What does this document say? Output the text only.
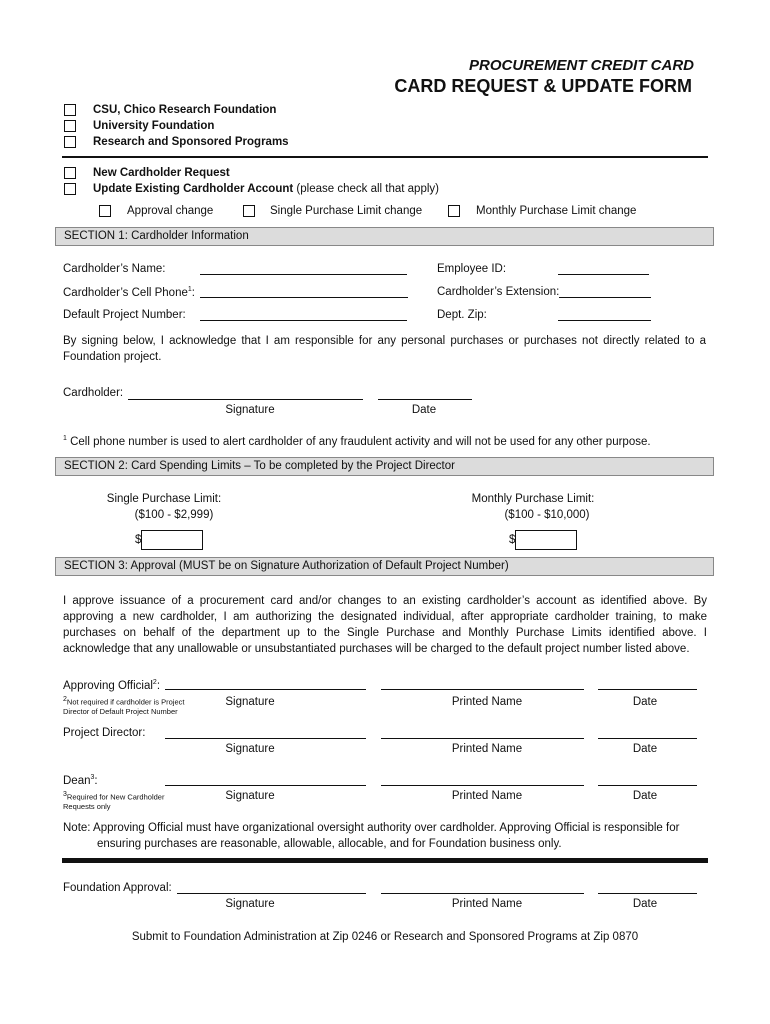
PROCUREMENT CREDIT CARD
CARD REQUEST & UPDATE FORM
CSU, Chico Research Foundation
University Foundation
Research and Sponsored Programs
New Cardholder Request
Update Existing Cardholder Account (please check all that apply)
Approval change	Single Purchase Limit change	Monthly Purchase Limit change
SECTION 1: Cardholder Information
Cardholder’s Name:	Employee ID:
Cardholder’s Cell Phone$^1$:	Cardholder’s Extension:
Default Project Number:	Dept. Zip:
By signing below, I acknowledge that I am responsible for any personal purchases or purchases not directly related to a Foundation project.
Cardholder:
Signature	Date
$^1$ Cell phone number is used to alert cardholder of any fraudulent activity and will not be used for any other purpose.
SECTION 2: Card Spending Limits – To be completed by the Project Director
Single Purchase Limit:
($100 - $2,999)
$
Monthly Purchase Limit:
($100 - $10,000)
$
SECTION 3: Approval (MUST be on Signature Authorization of Default Project Number)
I approve issuance of a procurement card and/or changes to an existing cardholder’s account as identified above. By approving a new cardholder, I am authorizing the designated individual, after appropriate cardholder training, to make purchases on behalf of the department up to the Single Purchase and Monthly Purchase Limits identified above. I acknowledge that any unallowable or unsubstantiated purchases will be charged to the default project number listed above.
Approving Official$^2$:
$^2$Not required if cardholder is Project Director of Default Project Number
Signature	Printed Name	Date
Project Director:
Signature	Printed Name	Date
Dean$^3$:
$^3$Required for New Cardholder Requests only
Signature	Printed Name	Date
Note: Approving Official must have organizational oversight authority over cardholder. Approving Official is responsible for
ensuring purchases are reasonable, allowable, allocable, and for Foundation business only.
Foundation Approval:
Signature	Printed Name	Date
Submit to Foundation Administration at Zip 0246 or Research and Sponsored Programs at Zip 0870
